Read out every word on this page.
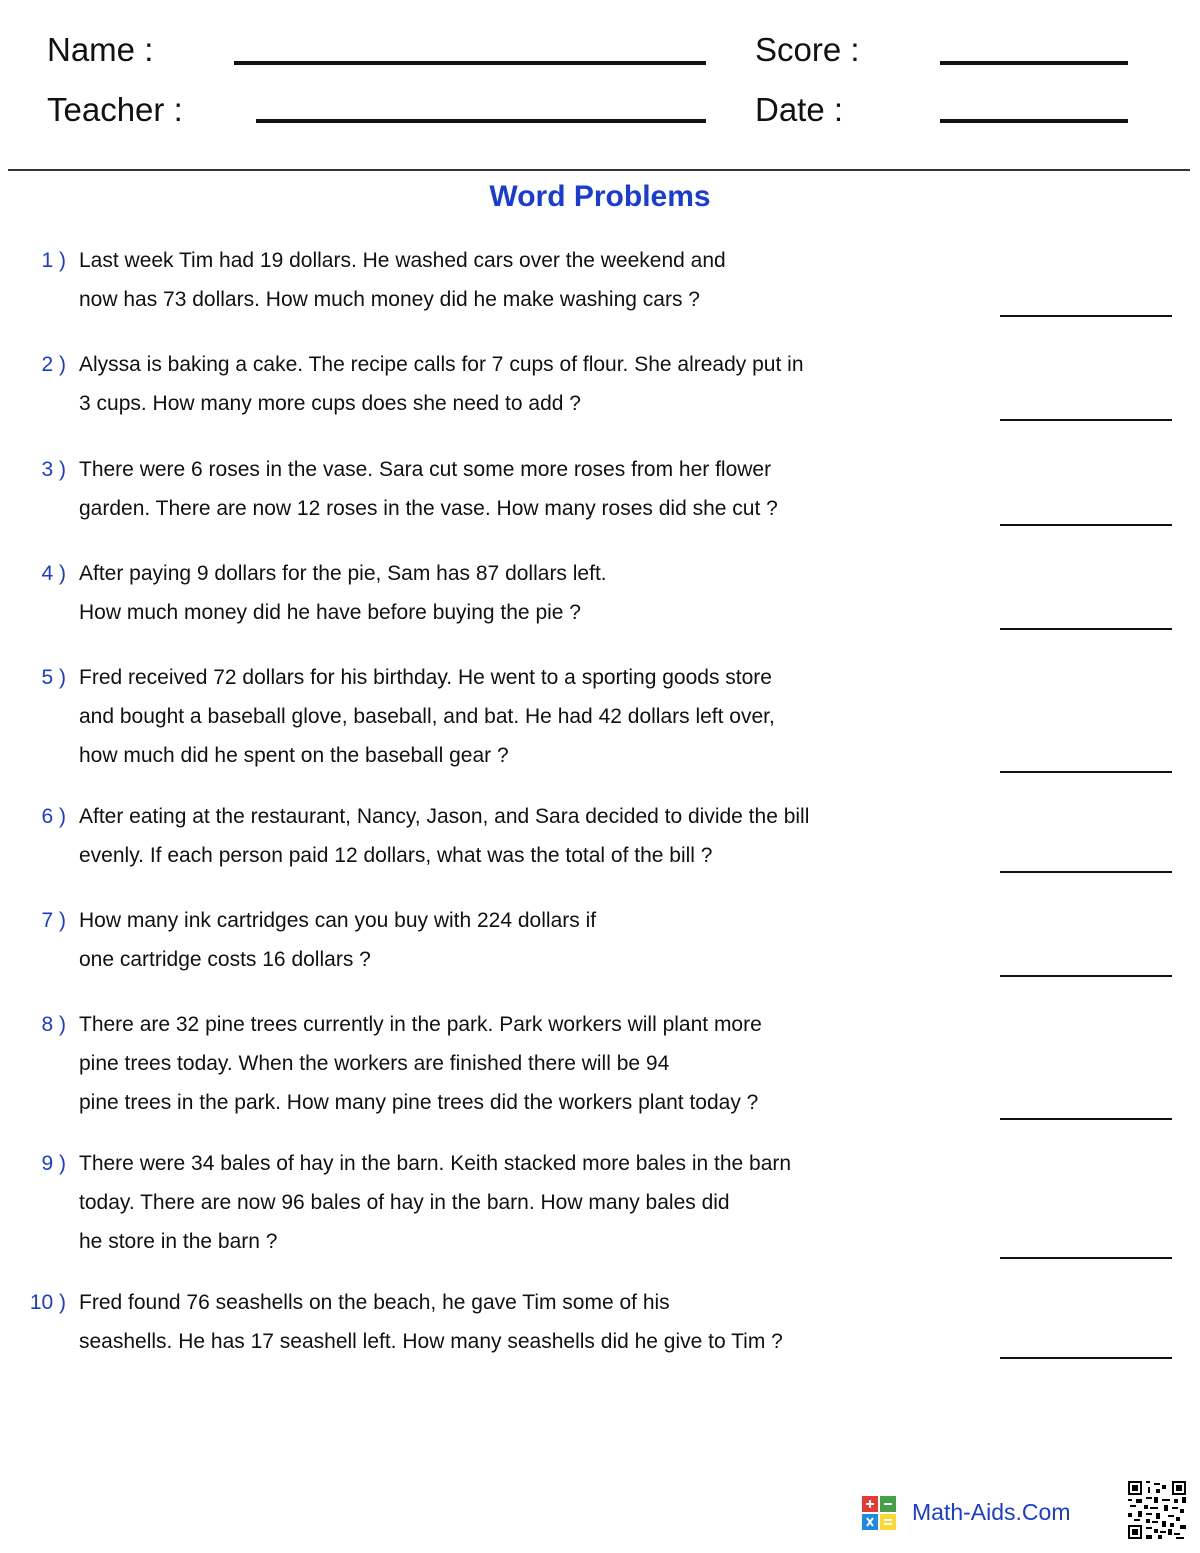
Name :	Score :
Teacher :	Date :
Word Problems
1 ) Last week Tim had 19 dollars. He washed cars over the weekend and
now has 73 dollars. How much money did he make washing cars ?
2 ) Alyssa is baking a cake. The recipe calls for 7 cups of flour. She already put in
3 cups. How many more cups does she need to add ?
3 ) There were 6 roses in the vase. Sara cut some more roses from her flower
garden. There are now 12 roses in the vase. How many roses did she cut ?
4 ) After paying 9 dollars for the pie, Sam has 87 dollars left.
How much money did he have before buying the pie ?
5 ) Fred received 72 dollars for his birthday. He went to a sporting goods store
and bought a baseball glove, baseball, and bat. He had 42 dollars left over,
how much did he spent on the baseball gear ?
6 ) After eating at the restaurant, Nancy, Jason, and Sara decided to divide the bill
evenly. If each person paid 12 dollars, what was the total of the bill ?
7 ) How many ink cartridges can you buy with 224 dollars if
one cartridge costs 16 dollars ?
8 ) There are 32 pine trees currently in the park. Park workers will plant more
pine trees today. When the workers are finished there will be 94
pine trees in the park. How many pine trees did the workers plant today ?
9 ) There were 34 bales of hay in the barn. Keith stacked more bales in the barn
today. There are now 96 bales of hay in the barn. How many bales did
he store in the barn ?
10 ) Fred found 76 seashells on the beach, he gave Tim some of his
seashells. He has 17 seashell left. How many seashells did he give to Tim ?
Math-Aids.Com
